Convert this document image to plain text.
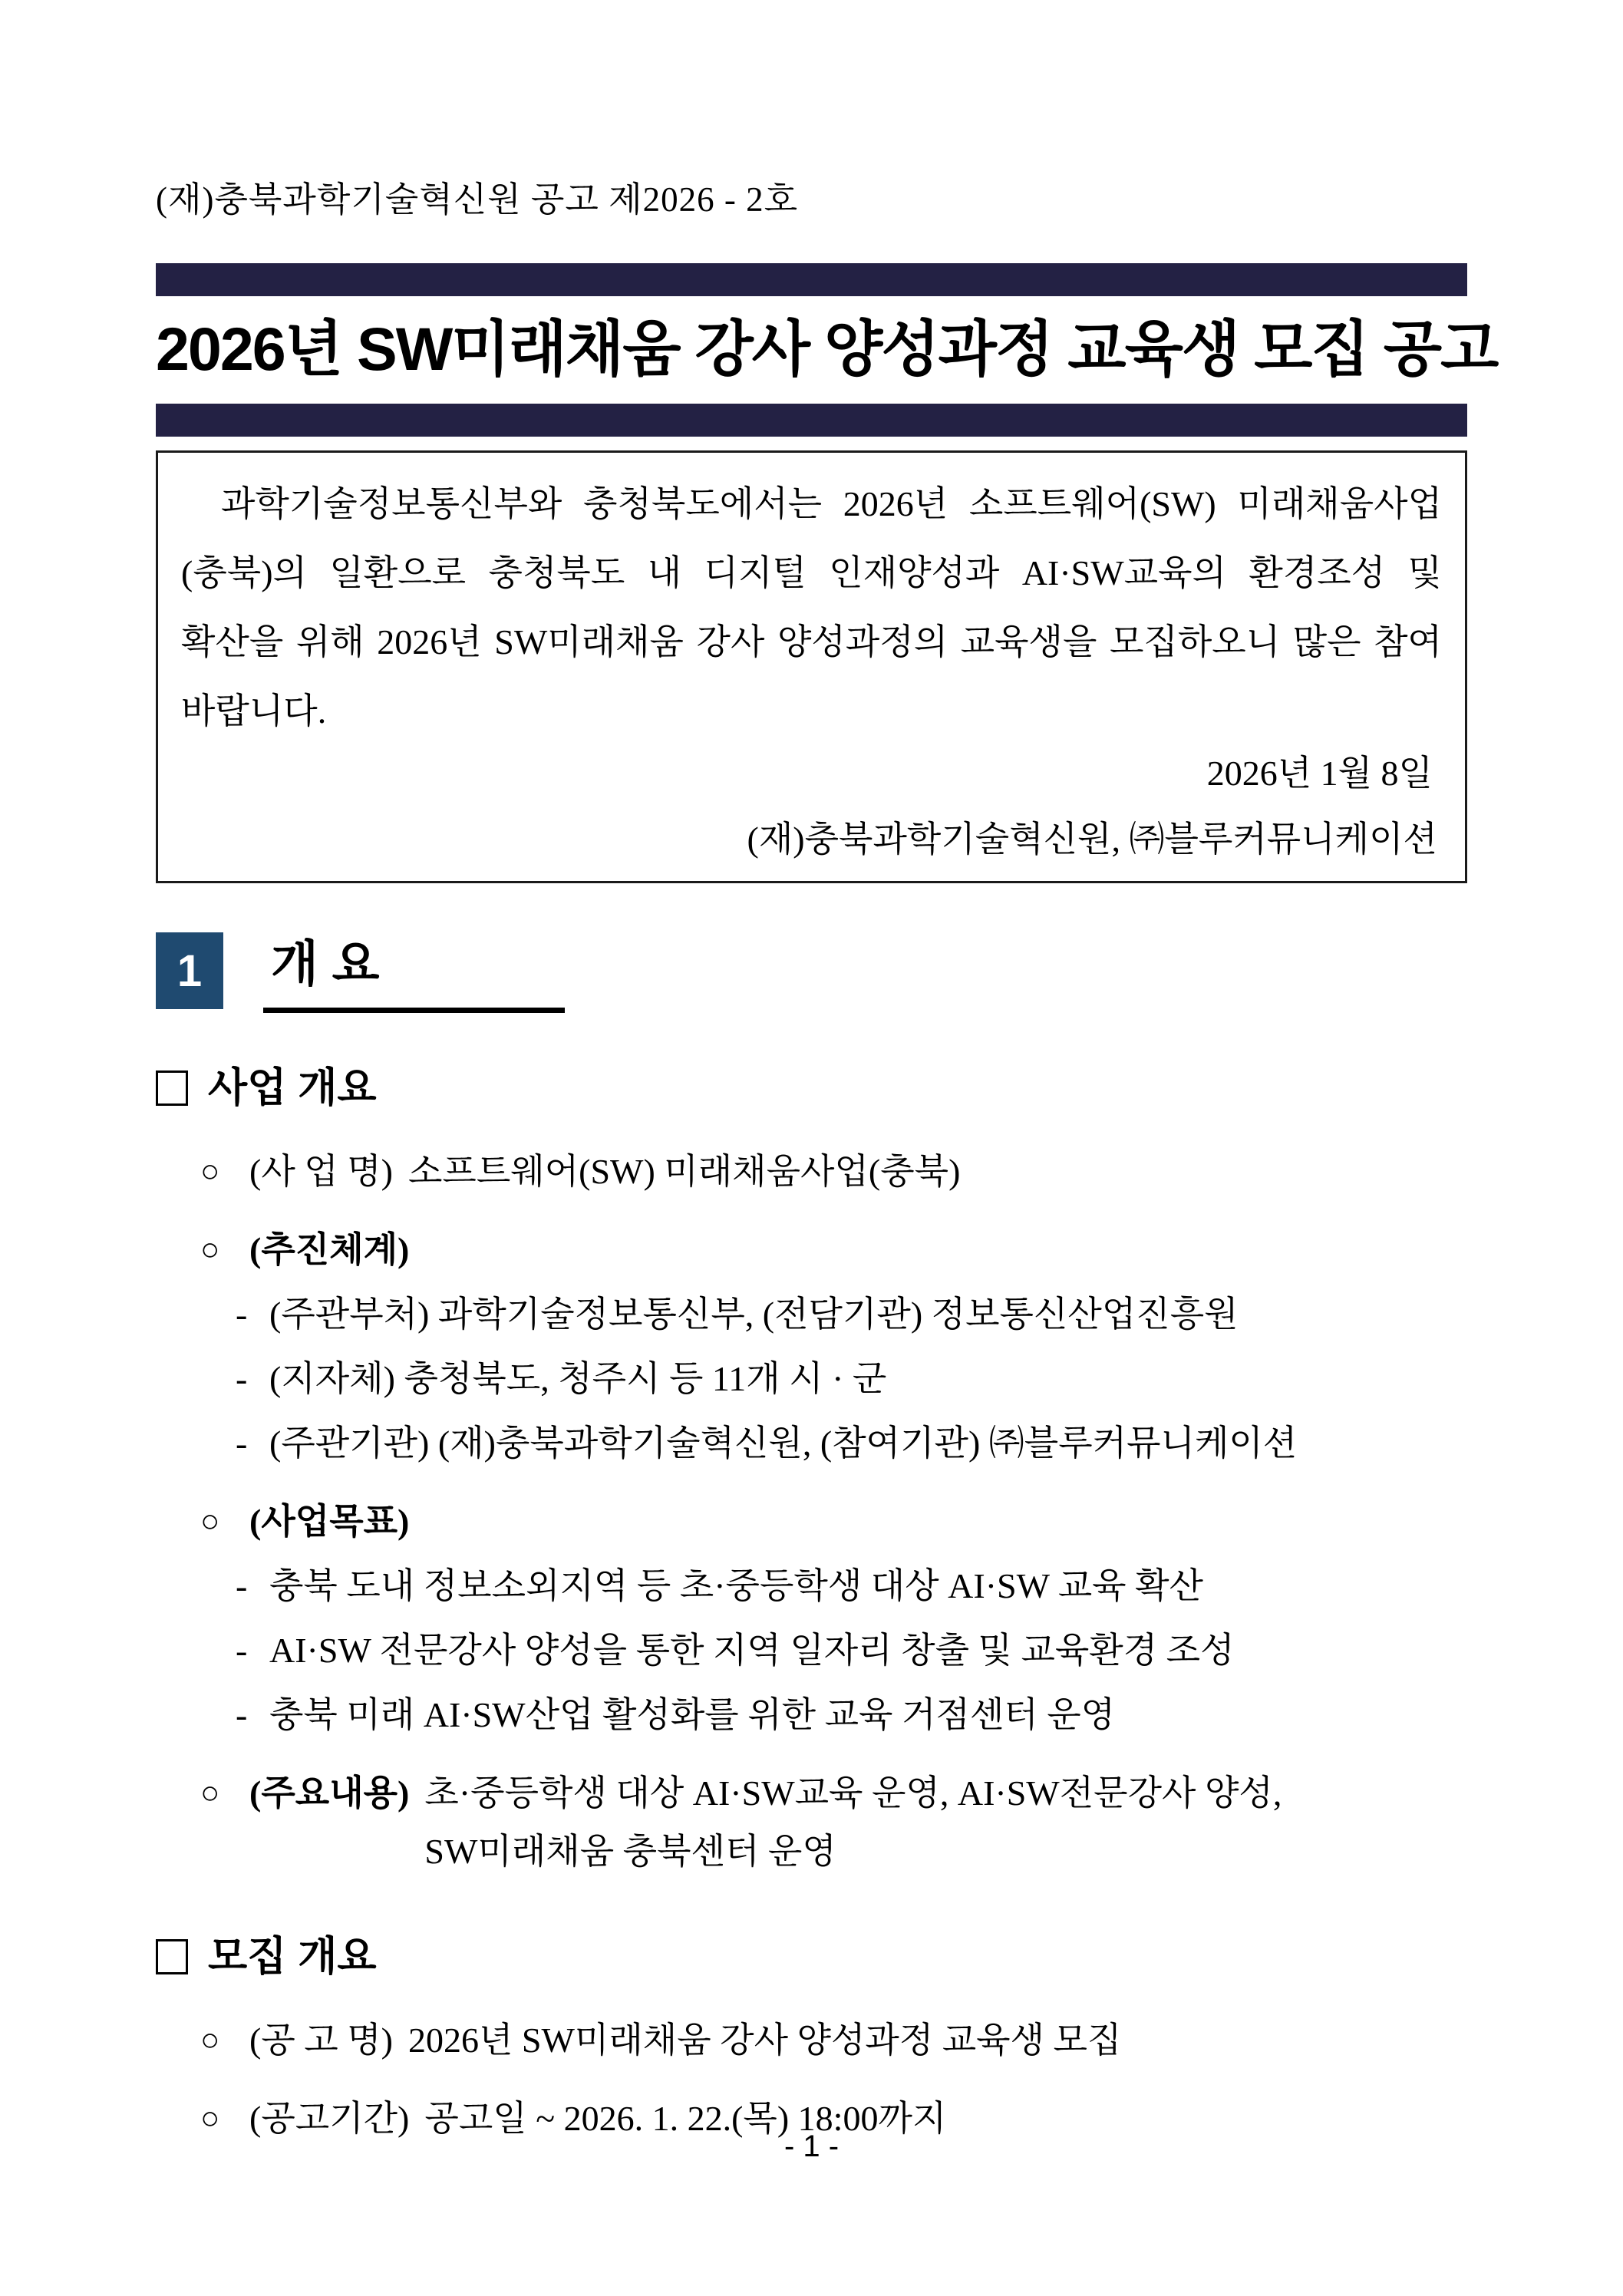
(재)충북과학기술혁신원 공고 제2026 - 2호
2026년 SW미래채움 강사 양성과정 교육생 모집 공고
과학기술정보통신부와 충청북도에서는 2026년 소프트웨어(SW) 미래채움사업(충북)의 일환으로 충청북도 내 디지털 인재양성과 AI·SW교육의 환경조성 및 확산을 위해 2026년 SW미래채움 강사 양성과정의 교육생을 모집하오니 많은 참여 바랍니다.
2026년 1월 8일
(재)충북과학기술혁신원, ㈜블루커뮤니케이션
1	개 요
사업 개요
○ (사 업 명) 소프트웨어(SW) 미래채움사업(충북)
○ (추진체계)
- (주관부처) 과학기술정보통신부, (전담기관) 정보통신산업진흥원
- (지자체) 충청북도, 청주시 등 11개 시 · 군
- (주관기관) (재)충북과학기술혁신원, (참여기관) ㈜블루커뮤니케이션
○ (사업목표)
- 충북 도내 정보소외지역 등 초·중등학생 대상 AI·SW 교육 확산
- AI·SW 전문강사 양성을 통한 지역 일자리 창출 및 교육환경 조성
- 충북 미래 AI·SW산업 활성화를 위한 교육 거점센터 운영
○ (주요내용) 초·중등학생 대상 AI·SW교육 운영, AI·SW전문강사 양성,
SW미래채움 충북센터 운영
모집 개요
○ (공 고 명) 2026년 SW미래채움 강사 양성과정 교육생 모집
○ (공고기간) 공고일 ~ 2026. 1. 22.(목) 18:00까지
- 1 -
